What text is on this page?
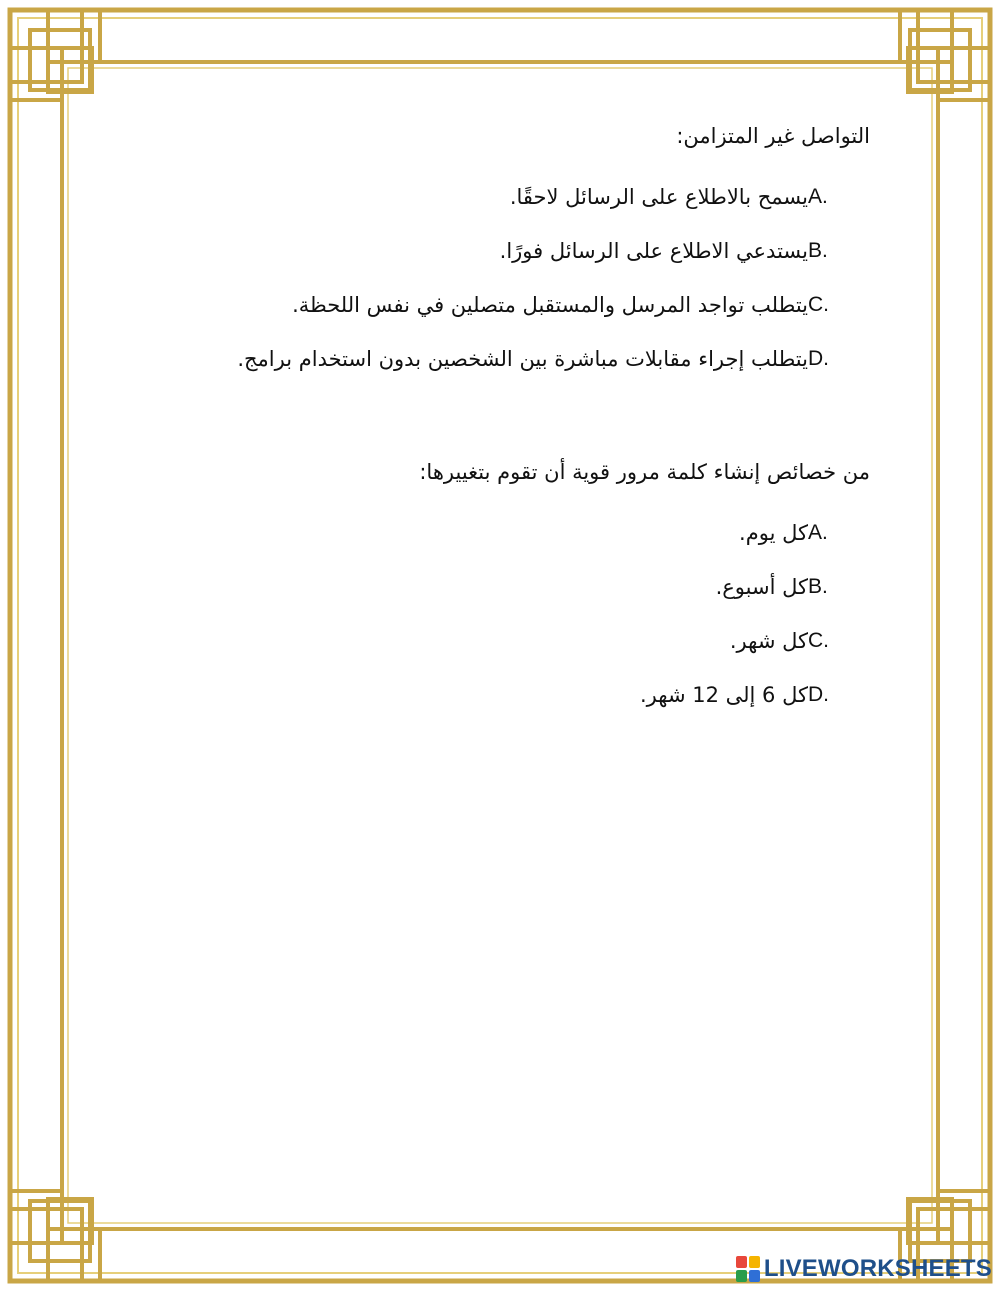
التواصل غير المتزامن:
A.
يسمح بالاطلاع على الرسائل لاحقًا.
B.
يستدعي الاطلاع على الرسائل فورًا.
C.
يتطلب تواجد المرسل والمستقبل متصلين في نفس اللحظة.
D.
يتطلب إجراء مقابلات مباشرة بين الشخصين بدون استخدام برامج.
من خصائص إنشاء كلمة مرور قوية أن تقوم بتغييرها:
A.
كل يوم.
B.
كل أسبوع.
C.
كل شهر.
D.
كل 6 إلى 12 شهر.
LIVEWORKSHEETS
